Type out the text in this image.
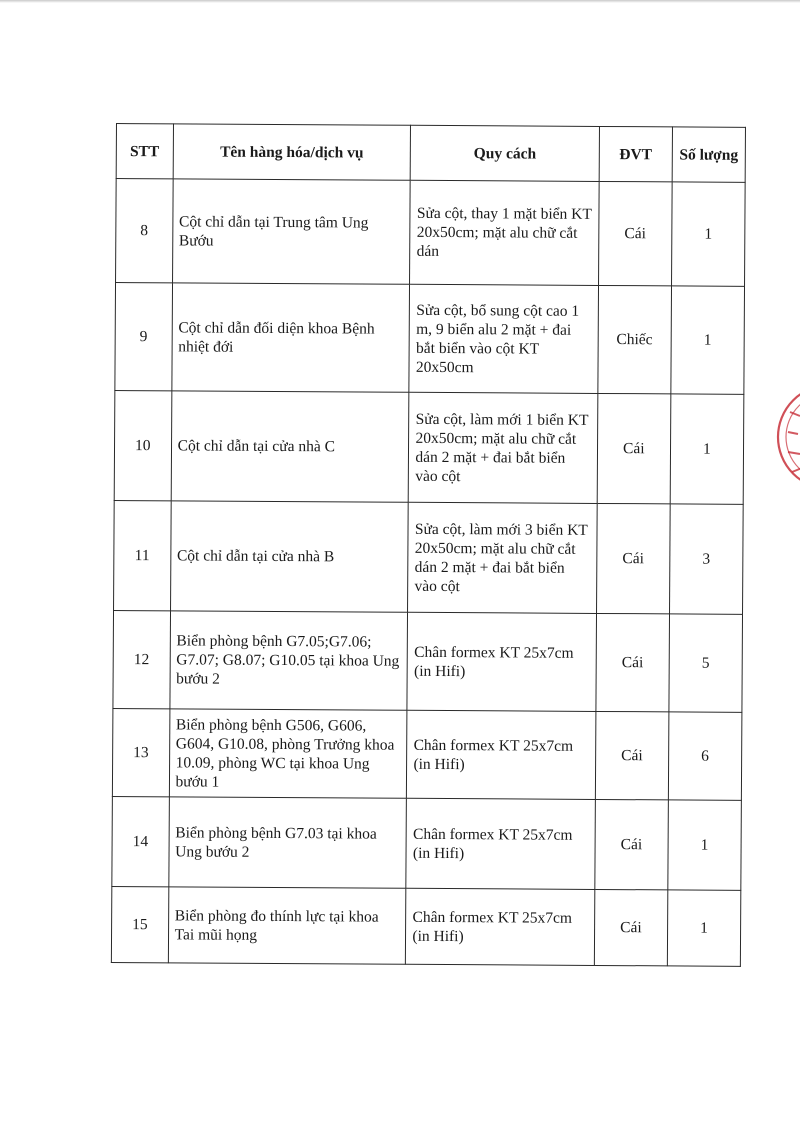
STT	Tên hàng hóa/dịch vụ	Quy cách	ĐVT	Số lượng
8	Cột chỉ dẫn tại Trung tâm Ung Bướu	Sửa cột, thay 1 mặt biển KT 20x50cm; mặt alu chữ cắt dán	Cái	1
9	Cột chỉ dẫn đối diện khoa Bệnh nhiệt đới	Sửa cột, bổ sung cột cao 1 m, 9 biển alu 2 mặt + đai bắt biển vào cột KT 20x50cm	Chiếc	1
10	Cột chỉ dẫn tại cửa nhà C	Sửa cột, làm mới 1 biển KT 20x50cm; mặt alu chữ cắt dán 2 mặt + đai bắt biển vào cột	Cái	1
11	Cột chỉ dẫn tại cửa nhà B	Sửa cột, làm mới 3 biển KT 20x50cm; mặt alu chữ cắt dán 2 mặt + đai bắt biển vào cột	Cái	3
12	Biển phòng bệnh G7.05;G7.06; G7.07; G8.07; G10.05 tại khoa Ung bướu 2	Chân formex KT 25x7cm (in Hifi)	Cái	5
13	Biển phòng bệnh G506, G606, G604, G10.08, phòng Trưởng khoa 10.09, phòng WC tại khoa Ung bướu 1	Chân formex KT 25x7cm (in Hifi)	Cái	6
14	Biển phòng bệnh G7.03 tại khoa Ung bướu 2	Chân formex KT 25x7cm (in Hifi)	Cái	1
15	Biển phòng đo thính lực tại khoa Tai mũi họng	Chân formex KT 25x7cm (in Hifi)	Cái	1
